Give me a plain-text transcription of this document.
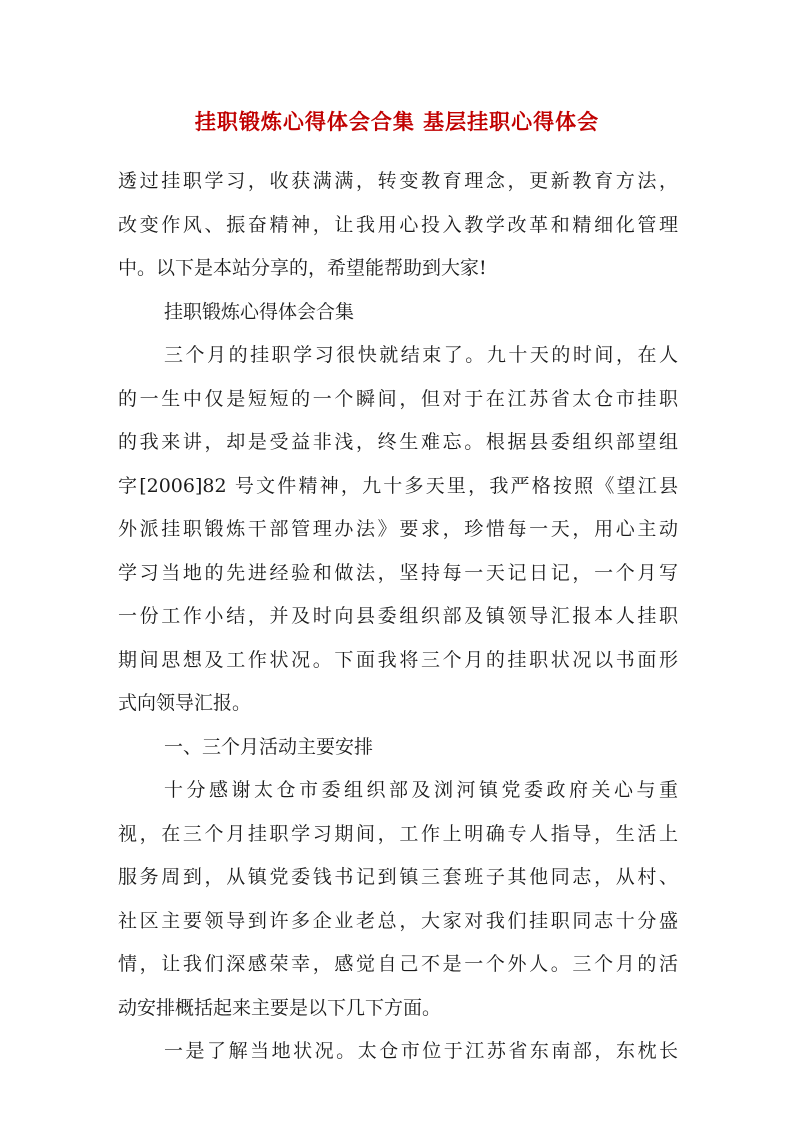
挂职锻炼心得体会合集 基层挂职心得体会
透过挂职学习，收获满满，转变教育理念，更新教育方法，
改变作风、振奋精神，让我用心投入教学改革和精细化管理
中。以下是本站分享的，希望能帮助到大家!
挂职锻炼心得体会合集
三个月的挂职学习很快就结束了。九十天的时间，在人
的一生中仅是短短的一个瞬间，但对于在江苏省太仓市挂职
的我来讲，却是受益非浅，终生难忘。根据县委组织部望组
字[2006]82 号文件精神，九十多天里，我严格按照《望江县
外派挂职锻炼干部管理办法》要求，珍惜每一天，用心主动
学习当地的先进经验和做法，坚持每一天记日记，一个月写
一份工作小结，并及时向县委组织部及镇领导汇报本人挂职
期间思想及工作状况。下面我将三个月的挂职状况以书面形
式向领导汇报。
一、三个月活动主要安排
十分感谢太仓市委组织部及浏河镇党委政府关心与重
视，在三个月挂职学习期间，工作上明确专人指导，生活上
服务周到，从镇党委钱书记到镇三套班子其他同志，从村、
社区主要领导到许多企业老总，大家对我们挂职同志十分盛
情，让我们深感荣幸，感觉自己不是一个外人。三个月的活
动安排概括起来主要是以下几下方面。
一是了解当地状况。太仓市位于江苏省东南部，东枕长
